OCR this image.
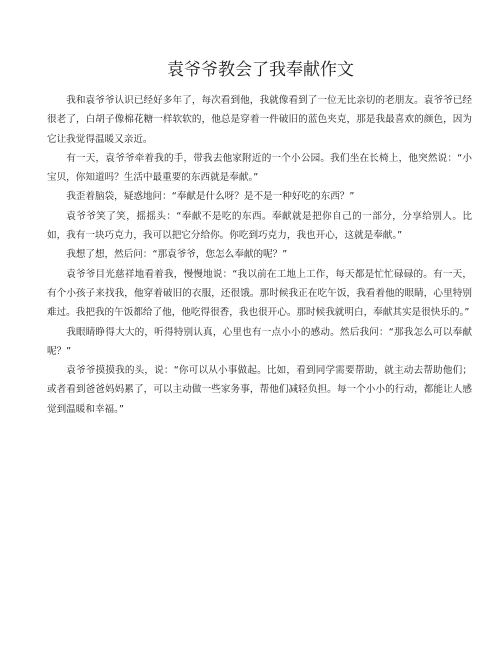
袁爷爷教会了我奉献作文

我和袁爷爷认识已经好多年了，每次看到他，我就像看到了一位无比亲切的老朋友。袁爷爷已经很老了，白胡子像棉花糖一样软软的，他总是穿着一件破旧的蓝色夹克，那是我最喜欢的颜色，因为它让我觉得温暖又亲近。

有一天，袁爷爷牵着我的手，带我去他家附近的一个小公园。我们坐在长椅上，他突然说：“小宝贝，你知道吗？生活中最重要的东西就是奉献。”

我歪着脑袋，疑惑地问：“奉献是什么呀？是不是一种好吃的东西？”

袁爷爷笑了笑，摇摇头：“奉献不是吃的东西。奉献就是把你自己的一部分，分享给别人。比如，我有一块巧克力，我可以把它分给你。你吃到巧克力，我也开心，这就是奉献。”

我想了想，然后问：“那袁爷爷，您怎么奉献的呢？”

袁爷爷目光慈祥地看着我，慢慢地说：“我以前在工地上工作，每天都是忙忙碌碌的。有一天，有个小孩子来找我，他穿着破旧的衣服，还很饿。那时候我正在吃午饭，我看着他的眼睛，心里特别难过。我把我的午饭都给了他，他吃得很香，我也很开心。那时候我就明白，奉献其实是很快乐的。”

我眼睛睁得大大的，听得特别认真，心里也有一点小小的感动。然后我问：“那我怎么可以奉献呢？”

袁爷爷摸摸我的头，说：“你可以从小事做起。比如，看到同学需要帮助，就主动去帮助他们；或者看到爸爸妈妈累了，可以主动做一些家务事，帮他们减轻负担。每一个小小的行动，都能让人感觉到温暖和幸福。”
